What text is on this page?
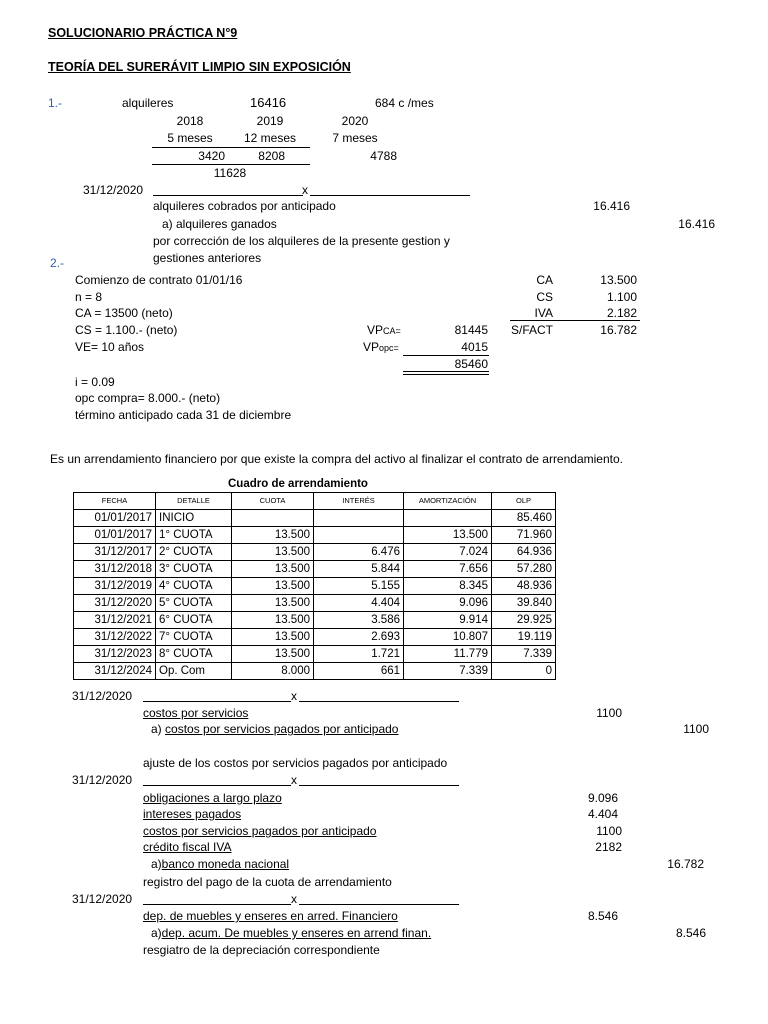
SOLUCIONARIO PRÁCTICA N°9
TEORÍA DEL SURERÁVIT LIMPIO SIN EXPOSICIÓN
1.-	alquileres	16416	684 c /mes
2018	2019	2020
5 meses	12 meses	7 meses
3420	8208	4788
11628
31/12/2020	x
alquileres cobrados por anticipado	16.416
a) alquileres ganados	16.416
por corrección de los alquileres de la presente gestion y
gestiones anteriores
2.-
Comienzo de contrato 01/01/16
n = 8
CA = 13500 (neto)
CS = 1.100.- (neto)
VE= 10 años
VPCA=	81445
VPopc=	4015
85460
CA	13.500
CS	1.100
IVA	2.182
S/FACT	16.782
i = 0.09
opc compra= 8.000.- (neto)
término anticipado cada 31 de diciembre
Es un arrendamiento financiero por que existe la compra del activo al finalizar el contrato de arrendamiento.
Cuadro de arrendamiento
FECHA	DETALLE	CUOTA	INTERÉS	AMORTIZACIÓN	OLP
01/01/2017	INICIO				85.460
01/01/2017	1° CUOTA	13.500		13.500	71.960
31/12/2017	2° CUOTA	13.500	6.476	7.024	64.936
31/12/2018	3° CUOTA	13.500	5.844	7.656	57.280
31/12/2019	4° CUOTA	13.500	5.155	8.345	48.936
31/12/2020	5° CUOTA	13.500	4.404	9.096	39.840
31/12/2021	6° CUOTA	13.500	3.586	9.914	29.925
31/12/2022	7° CUOTA	13.500	2.693	10.807	19.119
31/12/2023	8° CUOTA	13.500	1.721	11.779	7.339
31/12/2024	Op. Com	8.000	661	7.339	0
31/12/2020	x
costos por servicios	1100
a) costos por servicios pagados por anticipado	1100
ajuste de los costos por servicios pagados por anticipado
31/12/2020	x
obligaciones a largo plazo	9.096
intereses pagados	4.404
costos por servicios pagados por anticipado	1100
crédito fiscal IVA	2182
a)banco moneda nacional	16.782
registro del pago de la cuota de arrendamiento
31/12/2020	x
dep. de muebles y enseres en arred. Financiero	8.546
a)dep. acum. De muebles y enseres en arrend finan.	8.546
resgiatro de la depreciación correspondiente
